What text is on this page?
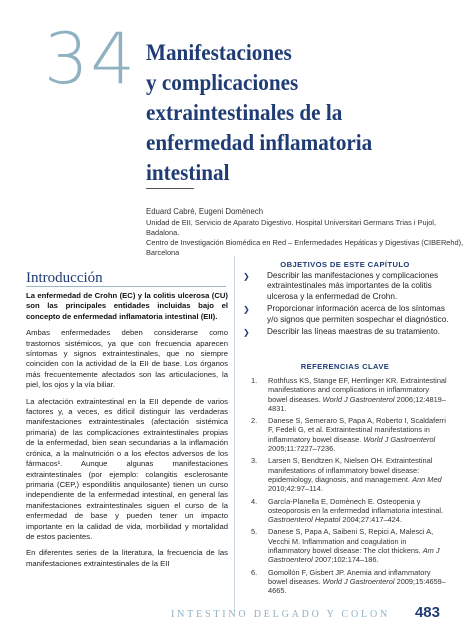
34 Manifestaciones
y complicaciones
extraintestinales de la
enfermedad inflamatoria
intestinal
Eduard Cabré, Eugeni Domènech
Unidad de EII, Servicio de Aparato Digestivo. Hospital Universitari Germans Trias i Pujol, Badalona.
Centro de Investigación Biomédica en Red – Enfermedades Hepáticas y Digestivas (CIBERehd), Barcelona
Introducción

La enfermedad de Crohn (EC) y la colitis ulcerosa (CU) son las principales entidades incluidas bajo el concepto de enfermedad inflamatoria intestinal (EII).

Ambas enfermedades deben considerarse como trastornos sistémicos, ya que con frecuencia aparecen síntomas y signos extraintestinales, que no siempre coinciden con la actividad de la EII de base. Los órganos más frecuentemente afectados son las articulaciones, la piel, los ojos y la vía biliar.

La afectación extraintestinal en la EII depende de varios factores y, a veces, es difícil distinguir las verdaderas manifestaciones extraintestinales (afectación sistémica primaria) de las complicaciones extraintestinales propias de la enfermedad, bien sean secundarias a la inflamación crónica, a la malnutrición o a los efectos adversos de los fármacos¹. Aunque algunas manifestaciones extraintestinales (por ejemplo: colangitis esclerosante primaria (CEP,) espondilitis anquilosante) tienen un curso independiente de la enfermedad intestinal, en general las manifestaciones extraintestinales siguen el curso de la enfermedad de base y pueden tener un impacto importante en la calidad de vida, morbilidad y mortalidad de estos pacientes.

En diferentes series de la literatura, la frecuencia de las manifestaciones extraintestinales de la EII

OBJETIVOS DE ESTE CAPÍTULO
❯ Describir las manifestaciones y complicaciones extraintestinales más importantes de la colitis ulcerosa y la enfermedad de Crohn.
❯ Proporcionar información acerca de los síntomas y/o signos que permiten sospechar el diagnóstico.
❯ Describir las líneas maestras de su tratamiento.
REFERENCIAS CLAVE
1. Rothfuss KS, Stange EF, Herrlinger KR. Extraintestinal manifestations and complications in inflammatory bowel diseases. World J Gastroenterol 2006;12:4819–4831.
2. Danese S, Semeraro S, Papa A, Roberto I, Scaldaferri F, Fedeli G, et al. Extraintestinal manifestations in inflammatory bowel disease. World J Gastroenterol 2005;11:7227–7236.
3. Larsen S, Bendtzen K, Nielsen OH. Extraintestinal manifestations of inflammatory bowel disease: epidemiology, diagnosis, and management. Ann Med 2010;42:97–114.
4. García-Planella E, Domènech E. Osteopenia y osteoporosis en la enfermedad inflamatoria intestinal. Gastroenterol Hepatol 2004;27:417–424.
5. Danese S, Papa A, Saibeni S, Repici A, Malesci A, Vecchi M. Inflammation and coagulation in inflammatory bowel disease: The clot thickens. Am J Gastroenterol 2007;102:174–186.
6. Gomollón F, Gisbert JP. Anemia and inflammatory bowel diseases. World J Gastroenterol 2009;15:4659–4665.
INTESTINO DELGADO Y COLON 483
